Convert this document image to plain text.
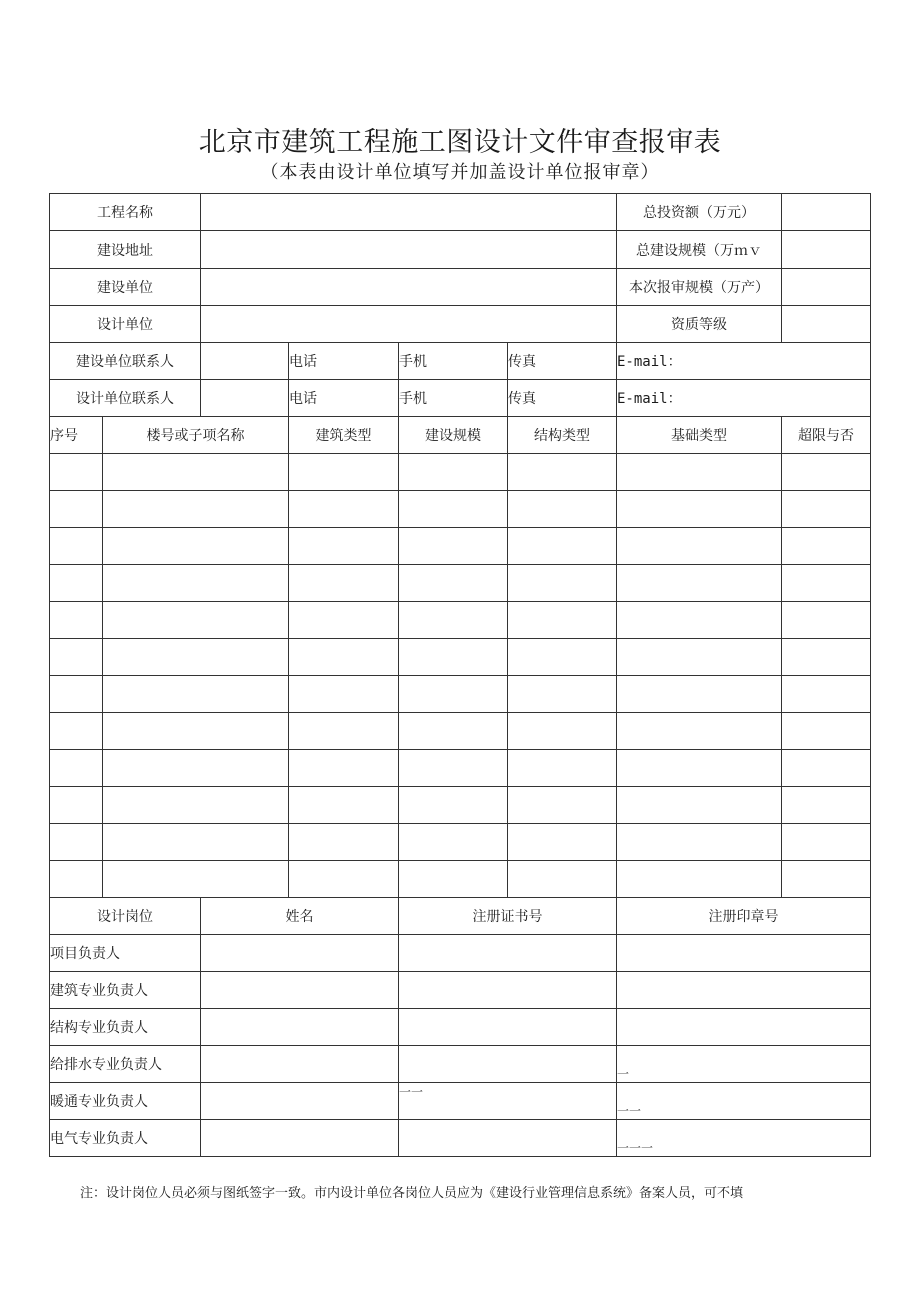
北京市建筑工程施工图设计文件审查报审表
（本表由设计单位填写并加盖设计单位报审章）
工程名称						总投资额（万元）	
建设地址						总建设规模（万ｍｖ	
建设单位						本次报审规模（万产）	
设计单位						资质等级	
建设单位联系人			电话	手机	传真	E-mail：	
设计单位联系人			电话	手机	传真	E-mail：	
序号	楼号或子项名称		建筑类型	建设规模	结构类型	基础类型	超限与否

设计岗位		姓名		注册证书号		注册印章号	
项目负责人							
建筑专业负责人							
结构专业负责人							
给排水专业负责人						一	
暖通专业负责人				一一		一一	
电气专业负责人						一一一	
注：设计岗位人员必须与图纸签字一致。市内设计单位各岗位人员应为《建设行业管理信息系统》备案人员，可不填
